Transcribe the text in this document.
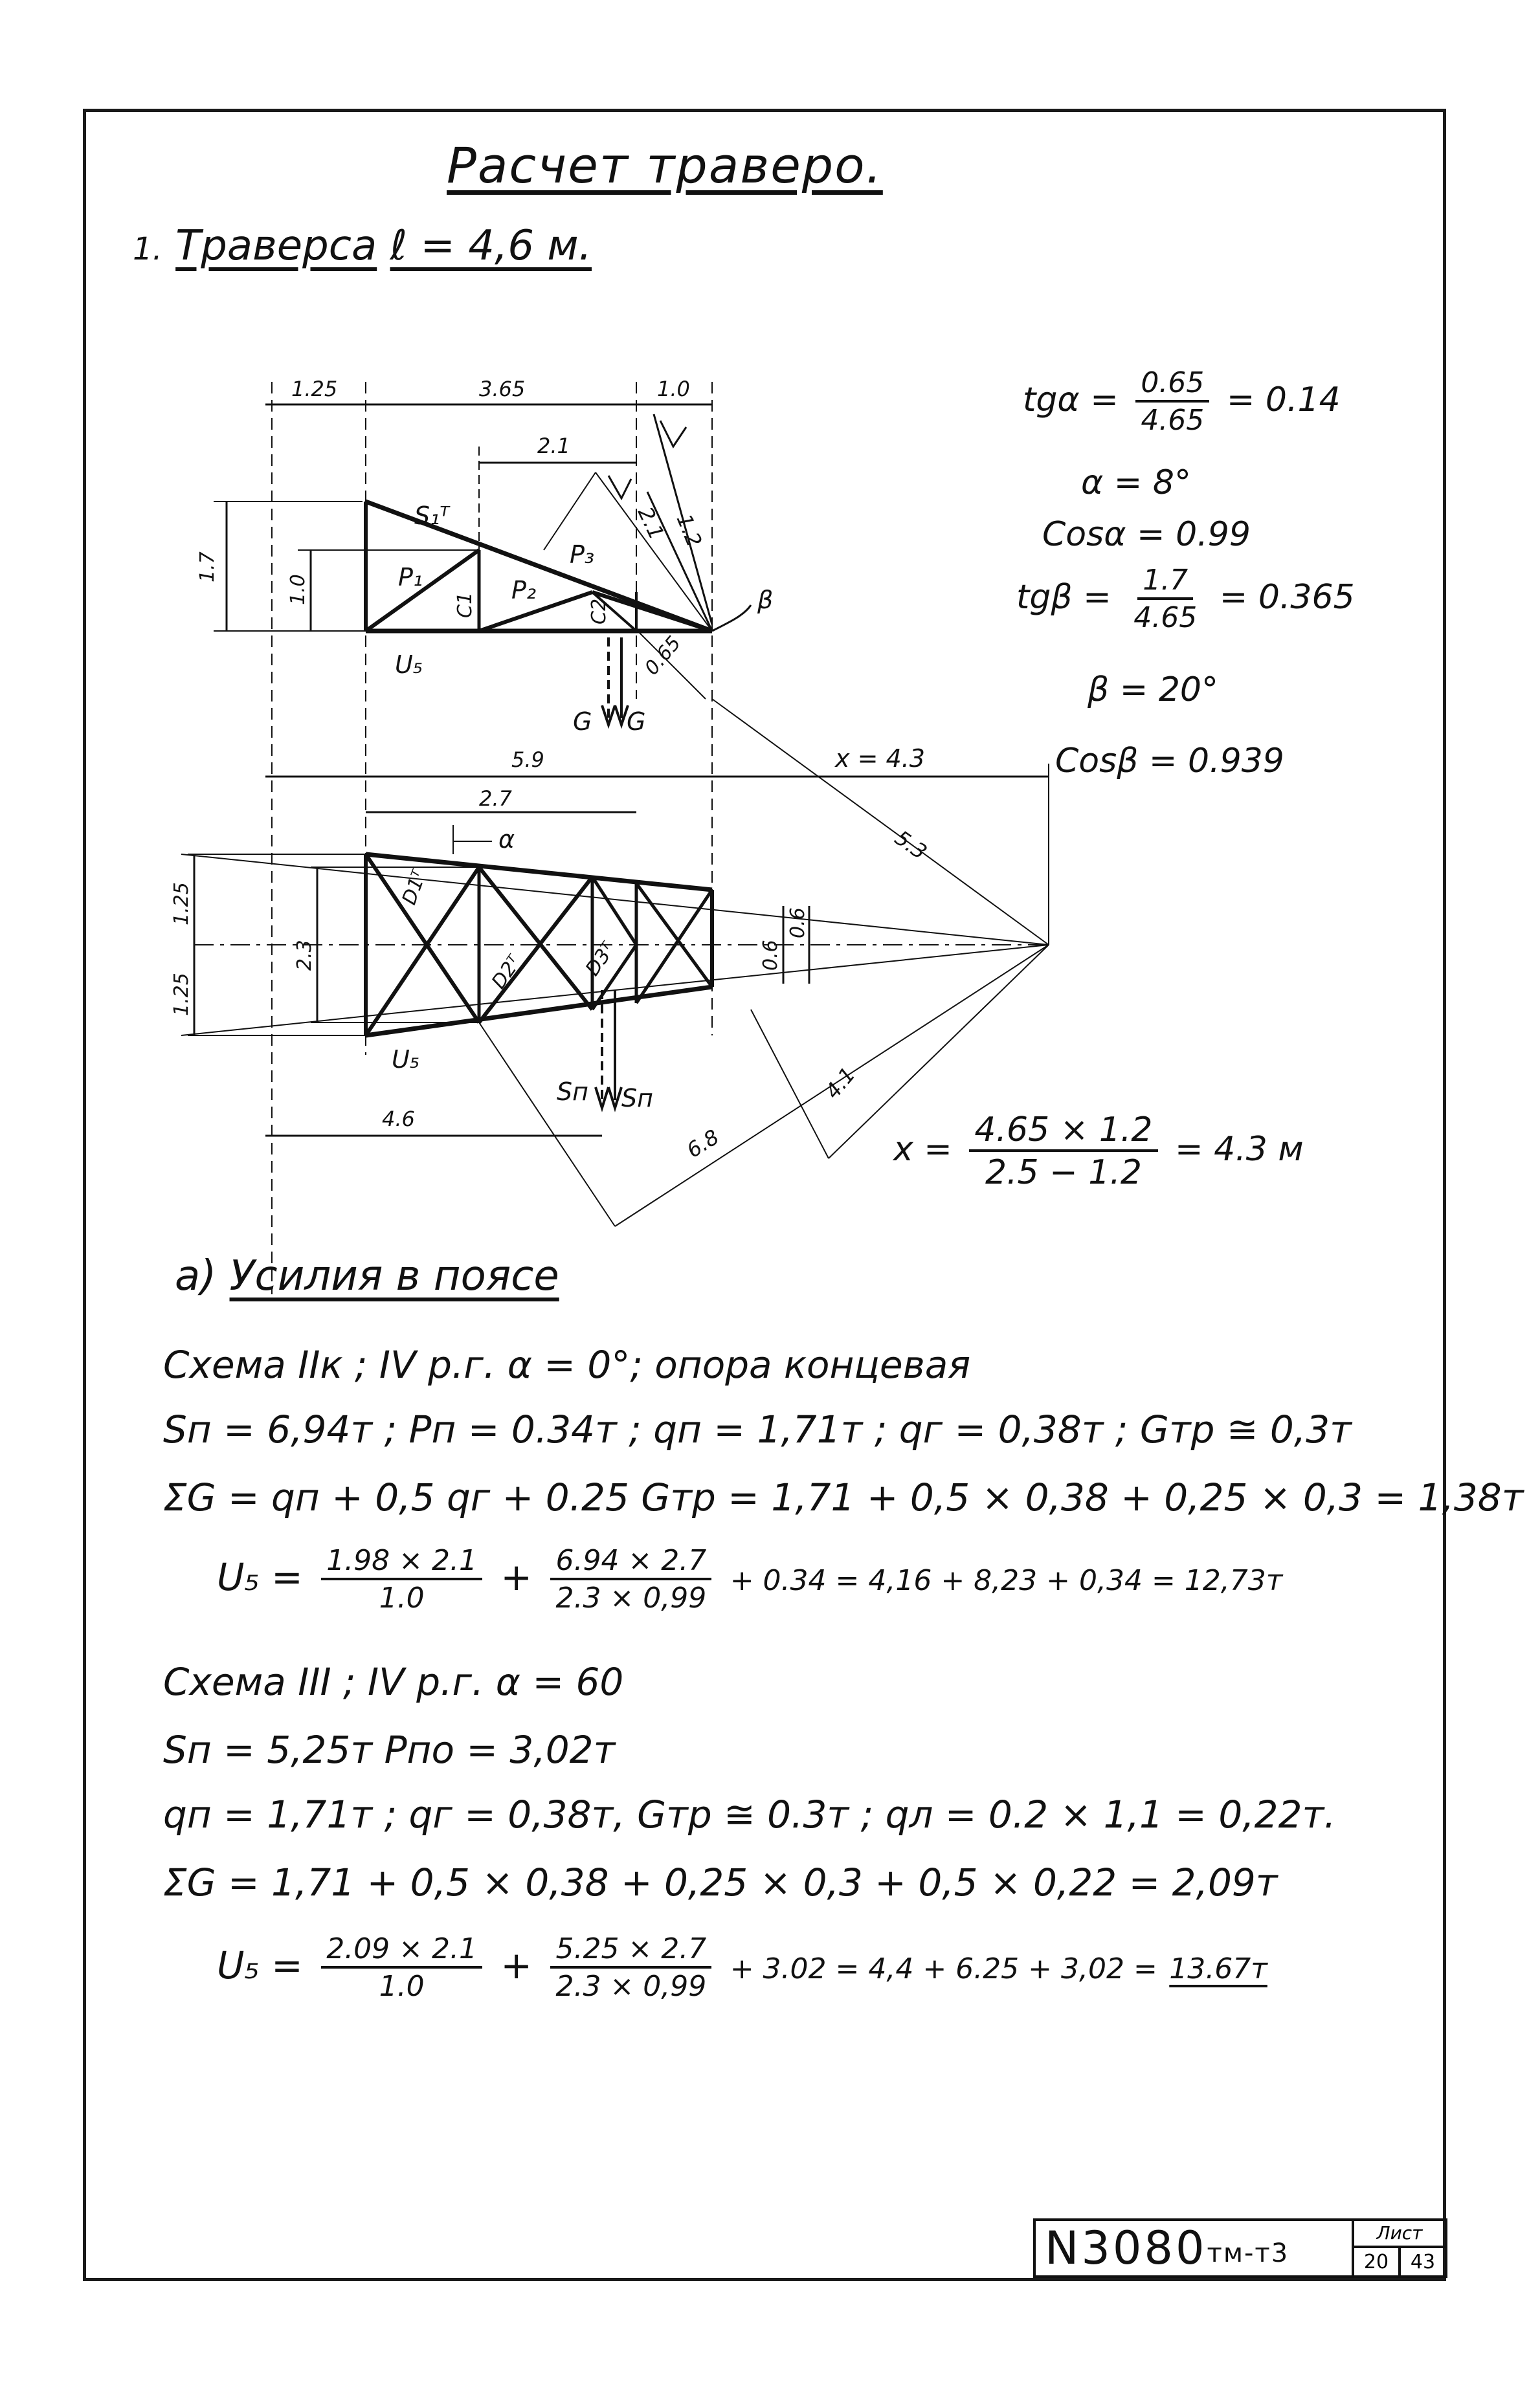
Расчет траверо.
1. Траверса ℓ = 4,6 м.
1.25	3.65	1.0
2.1
1.2
2.1
1.7
1.0
S₁ᵀ
P₁	P₂
P₃
C1	C2	β
U₅	0.65
G G
5.9	x = 4.3
5.3
2.7
α
1.25
1.25
2.3
D1ᵀ
D2ᵀ	D3ᵀ	0.6
0.6
U₅
Sп Sп	4.1
4.6
6.8
$tg\alpha = \frac{0.65}{4.65} = 0.14$
α = 8°
Cosα = 0.99
$tg\beta = \frac{1.7}{4.65} = 0.365$
β = 20°
Cosβ = 0.939
$x = \frac{4.65 \times 1.2}{2.5 - 1.2} = 4.3$ м
а) Усилия в поясе
Схема IIк ; IV р.г. α = 0°; опора концевая
Sп = 6,94т ; Pп = 0.34т ; qп = 1,71т ; qг = 0,38т ; Gтр ≅ 0,3т
ΣG = qп + 0,5 qг + 0.25 Gтр = 1,71 + 0,5 × 0,38 + 0,25 × 0,3 = 1,38т
$U_5 = \frac{1.98 \times 2.1}{1.0} + \frac{6.94 \times 2.7}{2.3 \times 0,99} + 0.34 = 4,16 + 8,23 + 0,34 = 12,73т$
Схема III ; IV р.г. α = 60
Sп = 5,25т Pпо = 3,02т
qп = 1,71т ; qг = 0,38т, Gтр ≅ 0.3т ; qл = 0.2 × 1,1 = 0,22т.
ΣG = 1,71 + 0,5 × 0,38 + 0,25 × 0,3 + 0,5 × 0,22 = 2,09т
$U_5 = \frac{2.09 \times 2.1}{1.0} + \frac{5.25 \times 2.7}{2.3 \times 0,99} + 3.02 = 4,4 + 6.25 + 3,02 = 13.67т$
N3080 тм-т3
Лист
20	43
